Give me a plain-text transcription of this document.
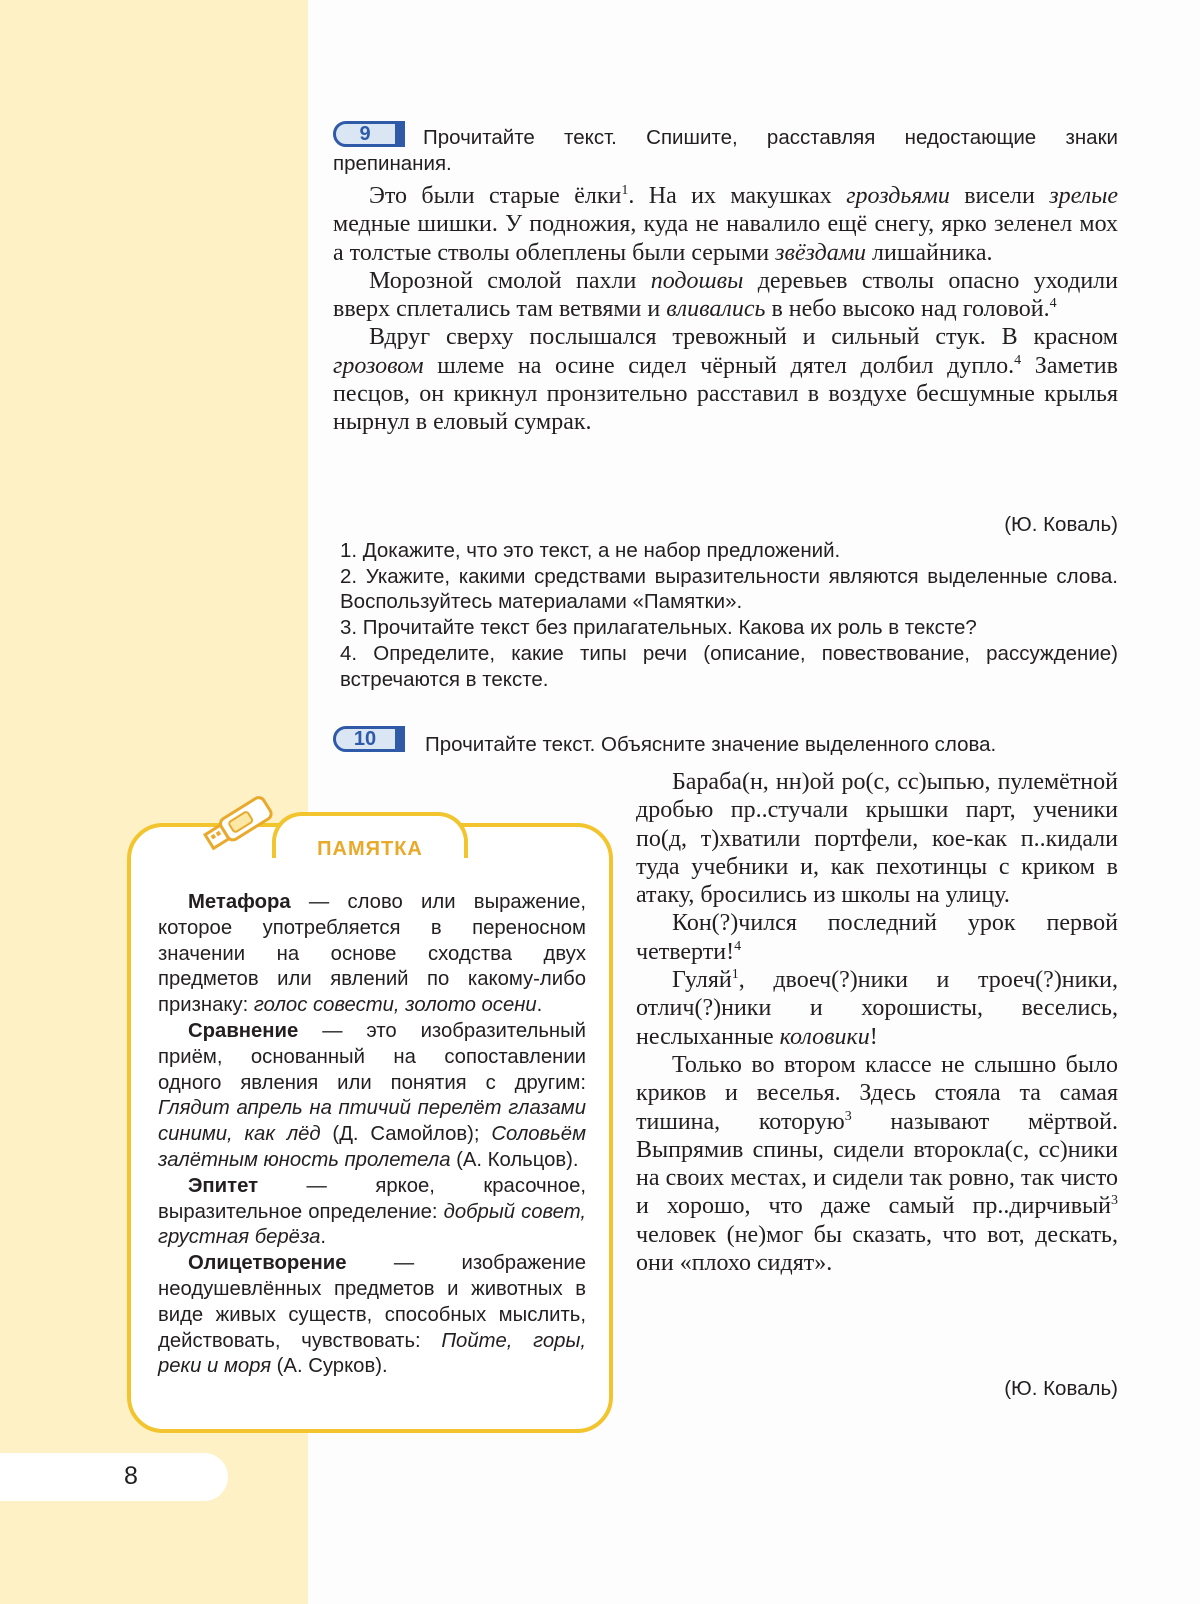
8
9	Прочитайте текст. Спишите, расставляя недостающие знаки препинания.

Это были старые ёлки$^1$. На их макушках гроздьями висели зрелые медные шишки. У подножия, куда не навалило ещё снегу, ярко зеленел мох а толстые стволы облеплены были серыми звёздами лишайника.

Морозной смолой пахли подошвы деревьев стволы опасно уходили вверх сплетались там ветвями и вливались в небо высоко над головой.$^4$

Вдруг сверху послышался тревожный и сильный стук. В красном грозовом шлеме на осине сидел чёрный дятел долбил дупло.$^4$ Заметив песцов, он крикнул пронзительно расставил в воздухе бесшумные крылья нырнул в еловый сумрак.

(Ю. Коваль)

1. Докажите, что это текст, а не набор предложений.

2. Укажите, какими средствами выразительности являются выделенные слова. Воспользуйтесь материалами «Памятки».

3. Прочитайте текст без прилагательных. Какова их роль в тексте?

4. Определите, какие типы речи (описание, повествование, рассуждение) встречаются в тексте.

10	Прочитайте текст. Объясните значение выделенного слова.

Бараба(н, нн)ой ро(с, сс)ыпью, пулемётной дробью пр..стучали крышки парт, ученики по(д, т)хватили портфели, кое-как п..кидали туда учебники и, как пехотинцы с криком в атаку, бросились из школы на улицу.

Кон(?)чился последний урок первой четверти!$^4$

Гуляй$^1$, двоеч(?)ники и троеч(?)ники, отлич(?)ники и хорошисты, веселись, неслыханные коловики!

Только во втором классе не слышно было криков и веселья. Здесь стояла та самая тишина, которую$^3$ называют мёртвой. Выпрямив спины, сидели второкла(с, сс)ники на своих местах, и сидели так ровно, так чисто и хорошо, что даже самый пр..дирчивый$^3$ человек (не)мог бы сказать, что вот, дескать, они «плохо сидят».

(Ю. Коваль)
ПАМЯТКА

Метафора — слово или выражение, которое употребляется в переносном значении на основе сходства двух предметов или явлений по какому-либо признаку: голос совести, золото осени.

Сравнение — это изобразительный приём, основанный на сопоставлении одного явления или понятия с другим: Глядит апрель на птичий перелёт глазами синими, как лёд (Д. Самойлов); Соловьём залётным юность пролетела (А. Кольцов).

Эпитет — яркое, красочное, выразительное определение: добрый совет, грустная берёза.

Олицетворение — изображение неодушевлённых предметов и животных в виде живых существ, способных мыслить, действовать, чувствовать: Пойте, горы, реки и моря (А. Сурков).
